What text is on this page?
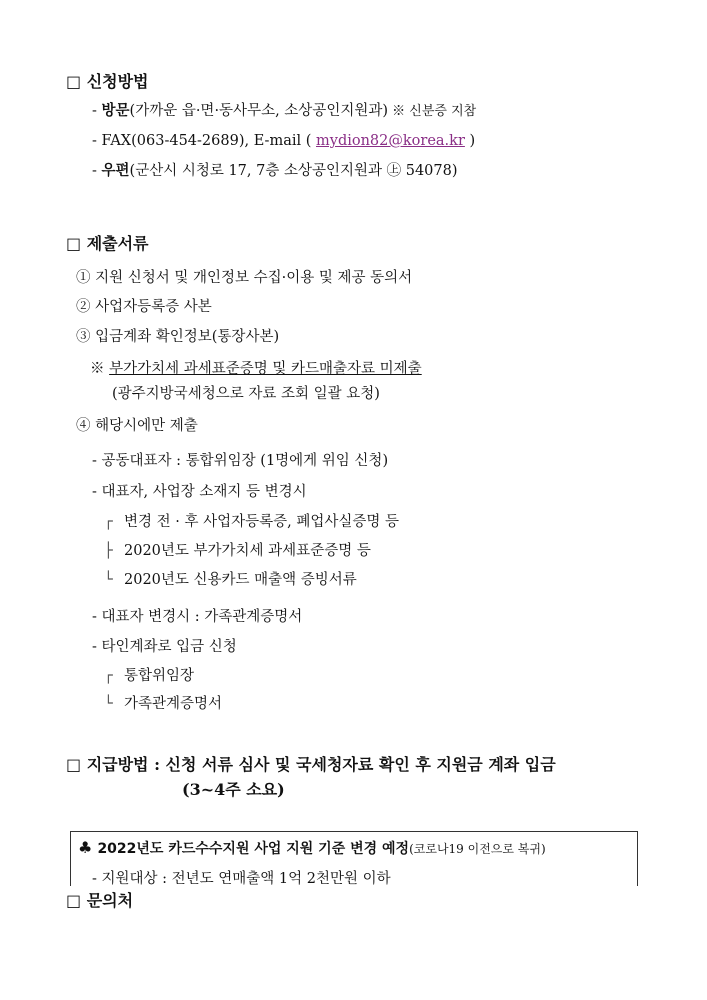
□ 신청방법
- 방문(가까운 읍·면·동사무소, 소상공인지원과) ※ 신분증 지참
- FAX(063-454-2689), E-mail ( mydion82@korea.kr )
- 우편(군산시 시청로 17, 7층 소상공인지원과 ㊤ 54078)
□ 제출서류
① 지원 신청서 및 개인정보 수집·이용 및 제공 동의서
② 사업자등록증 사본
③ 입금계좌 확인정보(통장사본)
※ 부가가치세 과세표준증명 및 카드매출자료 미제출
(광주지방국세청으로 자료 조회 일괄 요청)
④ 해당시에만 제출
- 공동대표자 : 통합위임장 (1명에게 위임 신청)
- 대표자, 사업장 소재지 등 변경시
┌ 변경 전 · 후 사업자등록증, 폐업사실증명 등
├ 2020년도 부가가치세 과세표준증명 등
└ 2020년도 신용카드 매출액 증빙서류
- 대표자 변경시 : 가족관계증명서
- 타인계좌로 입금 신청
┌ 통합위임장
└ 가족관계증명서
□ 지급방법 : 신청 서류 심사 및 국세청자료 확인 후 지원금 계좌 입금
(3~4주 소요)
♣ 2022년도 카드수수지원 사업 지원 기준 변경 예정(코로나19 이전으로 복귀)
- 지원대상 : 전년도 연매출액 1억 2천만원 이하
□ 문의처
